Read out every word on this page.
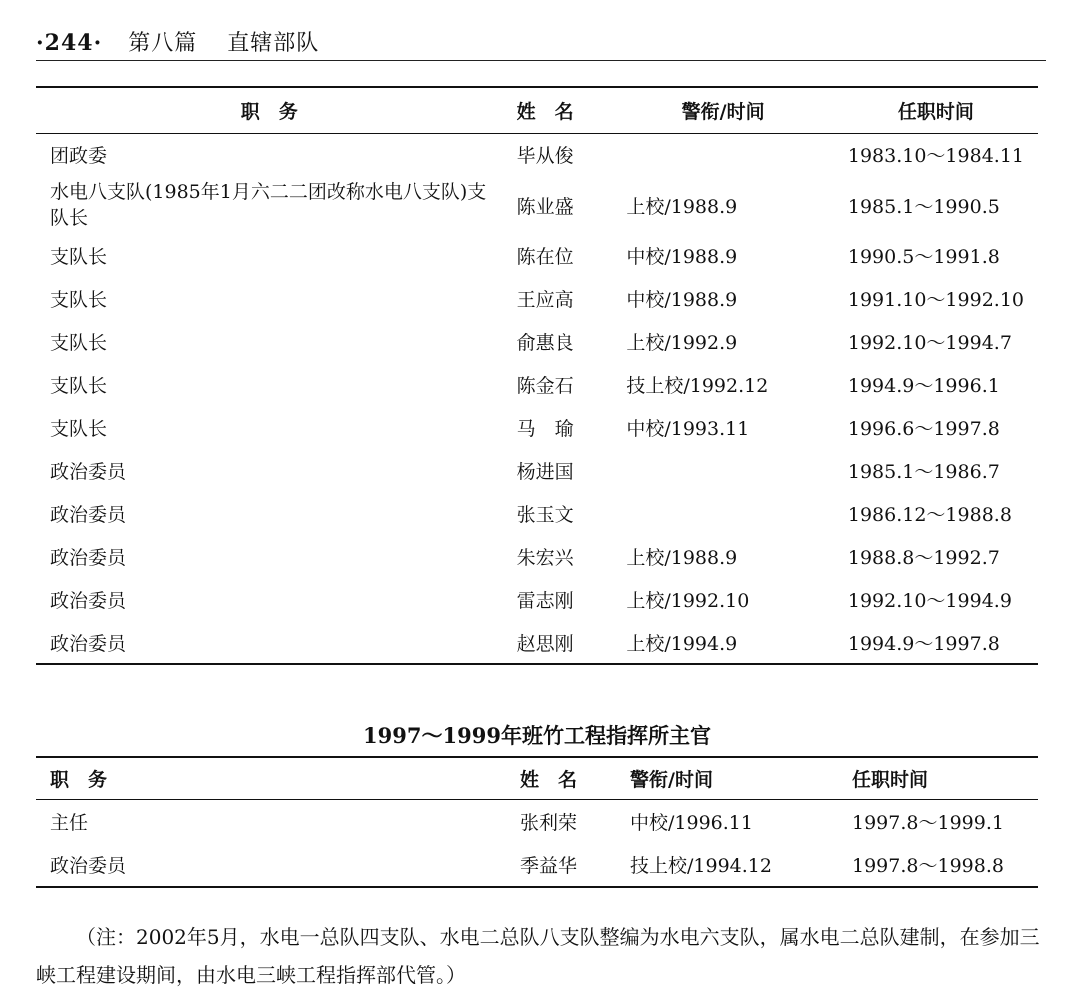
·244· 第八篇 直辖部队
职　务	姓　名	警衔/时间	任职时间
团政委	毕从俊		1983.10～1984.11
水电八支队(1985年1月六二二团改称水电八支队)支队长	陈业盛	上校/1988.9	1985.1～1990.5
支队长	陈在位	中校/1988.9	1990.5～1991.8
支队长	王应高	中校/1988.9	1991.10～1992.10
支队长	俞惠良	上校/1992.9	1992.10～1994.7
支队长	陈金石	技上校/1992.12	1994.9～1996.1
支队长	马　瑜	中校/1993.11	1996.6～1997.8
政治委员	杨进国		1985.1～1986.7
政治委员	张玉文		1986.12～1988.8
政治委员	朱宏兴	上校/1988.9	1988.8～1992.7
政治委员	雷志刚	上校/1992.10	1992.10～1994.9
政治委员	赵思刚	上校/1994.9	1994.9～1997.8
1997～1999年班竹工程指挥所主官
职　务	姓　名	警衔/时间	任职时间
主任	张利荣	中校/1996.11	1997.8～1999.1
政治委员	季益华	技上校/1994.12	1997.8～1998.8

（注：2002年5月，水电一总队四支队、水电二总队八支队整编为水电六支队，属水电二总队建制，在参加三峡工程建设期间，由水电三峡工程指挥部代管。）
